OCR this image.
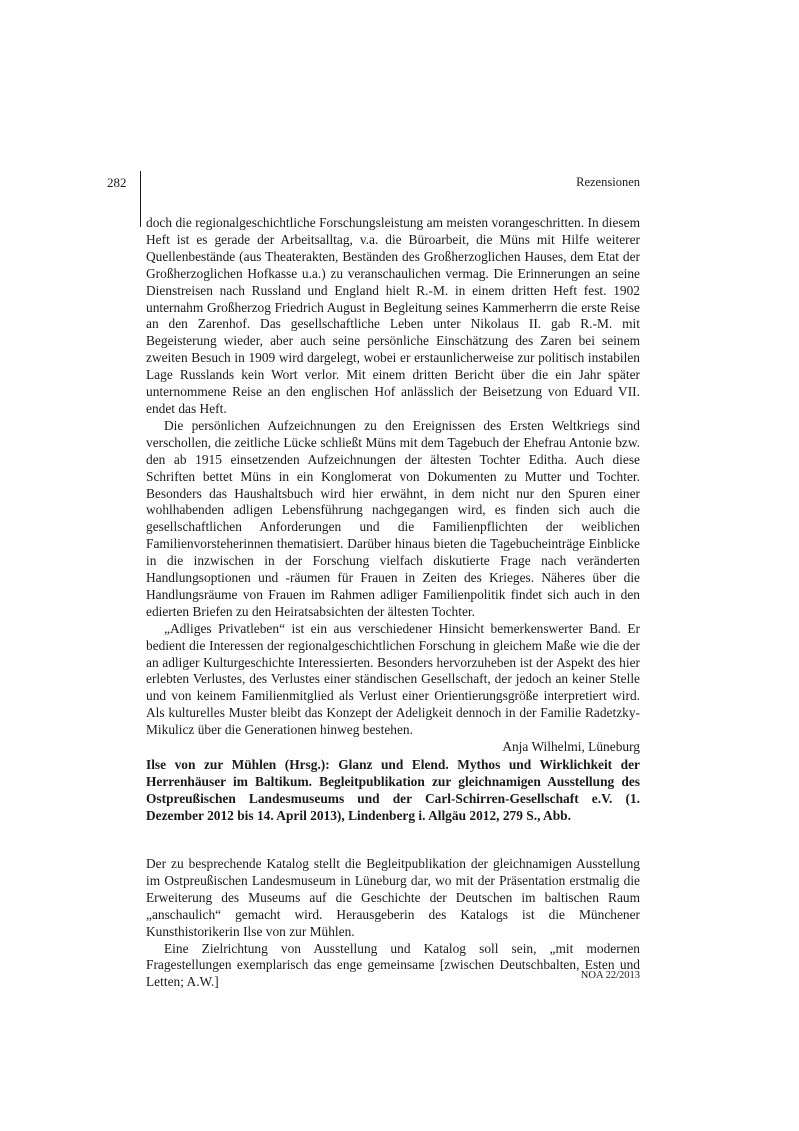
282	Rezensionen

doch die regionalgeschichtliche Forschungsleistung am meisten vorangeschritten. In diesem Heft ist es gerade der Arbeitsalltag, v.a. die Büroarbeit, die Müns mit Hilfe weiterer Quellenbestände (aus Theaterakten, Beständen des Großherzoglichen Hauses, dem Etat der Großherzoglichen Hofkasse u.a.) zu veranschaulichen vermag. Die Erinnerungen an seine Dienstreisen nach Russland und England hielt R.-M. in einem dritten Heft fest. 1902 unternahm Großherzog Friedrich August in Begleitung seines Kammerherrn die erste Reise an den Zarenhof. Das gesellschaftliche Leben unter Nikolaus II. gab R.-M. mit Begeisterung wieder, aber auch seine persönliche Einschätzung des Zaren bei seinem zweiten Besuch in 1909 wird dargelegt, wobei er erstaunlicherweise zur politisch instabilen Lage Russlands kein Wort verlor. Mit einem dritten Bericht über die ein Jahr später unternommene Reise an den englischen Hof anlässlich der Beisetzung von Eduard VII. endet das Heft.

Die persönlichen Aufzeichnungen zu den Ereignissen des Ersten Weltkriegs sind verschollen, die zeitliche Lücke schließt Müns mit dem Tagebuch der Ehefrau Antonie bzw. den ab 1915 einsetzenden Aufzeichnungen der ältesten Tochter Editha. Auch diese Schriften bettet Müns in ein Konglomerat von Dokumenten zu Mutter und Tochter. Besonders das Haushaltsbuch wird hier erwähnt, in dem nicht nur den Spuren einer wohlhabenden adligen Lebensführung nachgegangen wird, es finden sich auch die gesellschaftlichen Anforderungen und die Familienpflichten der weiblichen Familienvorsteherinnen thematisiert. Darüber hinaus bieten die Tagebucheinträge Einblicke in die inzwischen in der Forschung vielfach diskutierte Frage nach veränderten Handlungsoptionen und -räumen für Frauen in Zeiten des Krieges. Näheres über die Handlungsräume von Frauen im Rahmen adliger Familienpolitik findet sich auch in den edierten Briefen zu den Heiratsabsichten der ältesten Tochter.

„Adliges Privatleben“ ist ein aus verschiedener Hinsicht bemerkenswerter Band. Er bedient die Interessen der regionalgeschichtlichen Forschung in gleichem Maße wie die der an adliger Kulturgeschichte Interessierten. Besonders hervorzuheben ist der Aspekt des hier erlebten Verlustes, des Verlustes einer ständischen Gesellschaft, der jedoch an keiner Stelle und von keinem Familienmitglied als Verlust einer Orientierungsgröße interpretiert wird. Als kulturelles Muster bleibt das Konzept der Adeligkeit dennoch in der Familie Radetzky-Mikulicz über die Generationen hinweg bestehen.

Anja Wilhelmi, Lüneburg

Ilse von zur Mühlen (Hrsg.): Glanz und Elend. Mythos und Wirklichkeit der Herrenhäuser im Baltikum. Begleitpublikation zur gleichnamigen Ausstellung des Ostpreußischen Landesmuseums und der Carl-Schirren-Gesellschaft e.V. (1. Dezember 2012 bis 14. April 2013), Lindenberg i. Allgäu 2012, 279 S., Abb.

Der zu besprechende Katalog stellt die Begleitpublikation der gleichnamigen Ausstellung im Ostpreußischen Landesmuseum in Lüneburg dar, wo mit der Präsentation erstmalig die Erweiterung des Museums auf die Geschichte der Deutschen im baltischen Raum „anschaulich“ gemacht wird. Herausgeberin des Katalogs ist die Münchener Kunsthistorikerin Ilse von zur Mühlen.

Eine Zielrichtung von Ausstellung und Katalog soll sein, „mit modernen Fragestellungen exemplarisch das enge gemeinsame [zwischen Deutschbalten, Esten und Letten; A.W.]	NOA 22/2013
